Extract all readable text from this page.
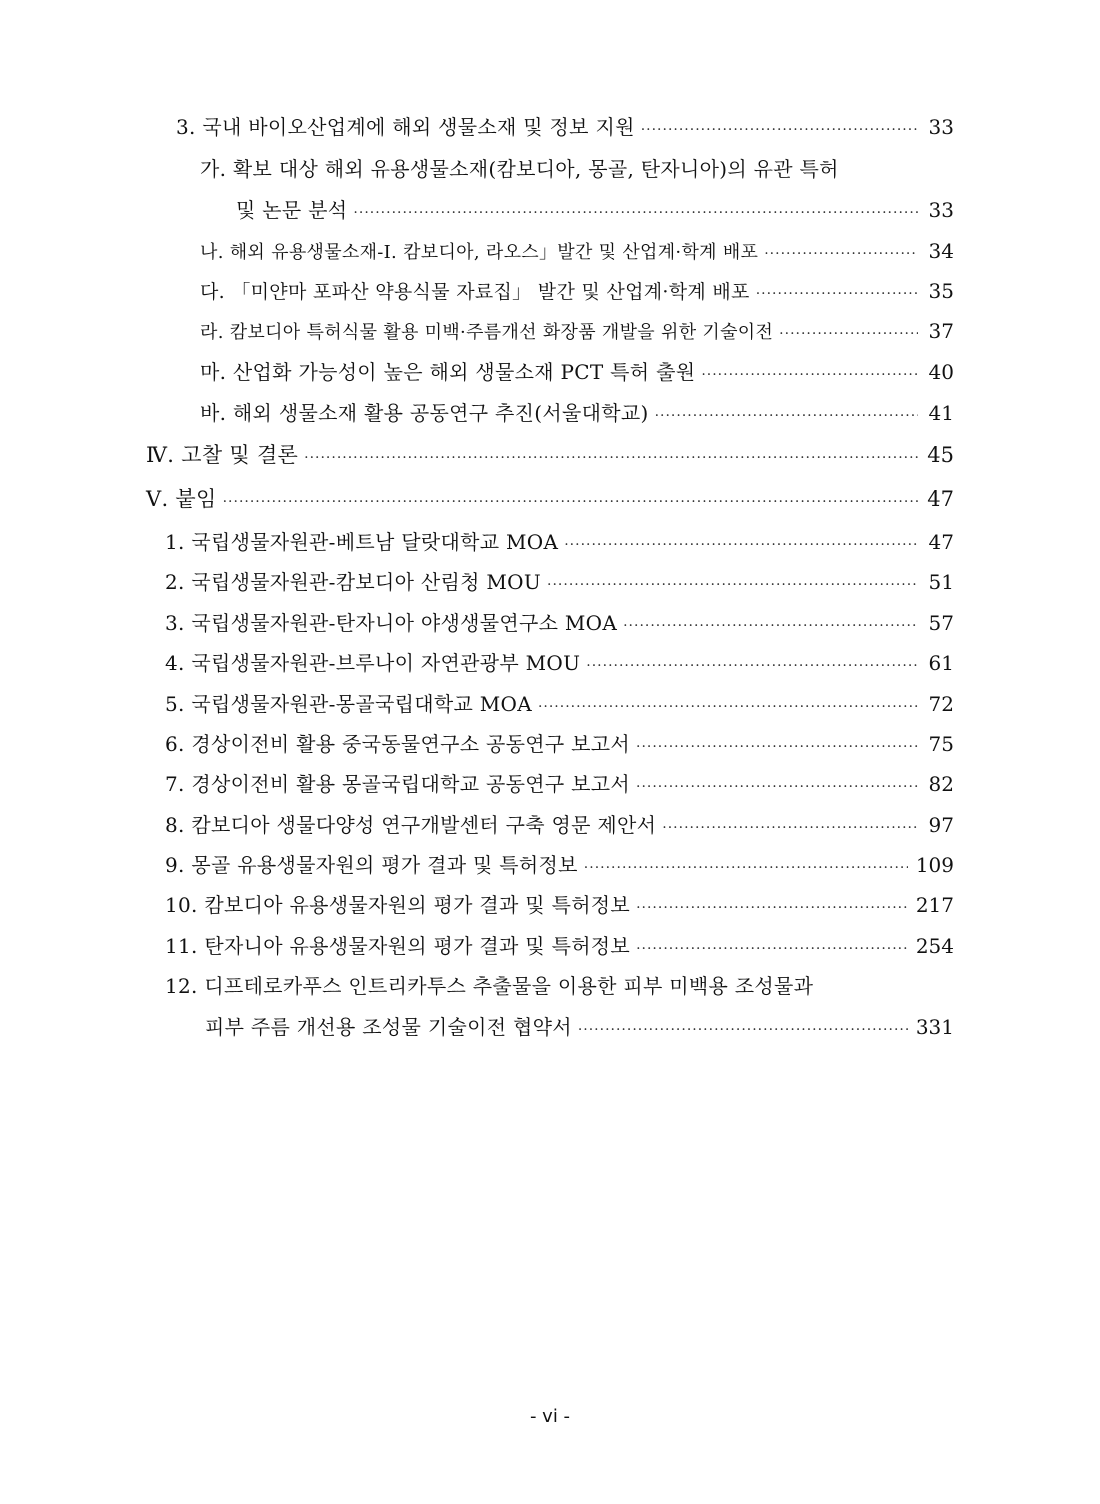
3. 국내 바이오산업계에 해외 생물소재 및 정보 지원 ·····	33
가. 확보 대상 해외 유용생물소재(캄보디아, 몽골, 탄자니아)의 유관 특허
및 논문 분석 ·····	33
나. 해외 유용생물소재-I. 캄보디아, 라오스」발간 및 산업계·학계 배포 ·····	34
다. 「미얀마 포파산 약용식물 자료집」 발간 및 산업계·학계 배포 ·····	35
라. 캄보디아 특허식물 활용 미백·주름개선 화장품 개발을 위한 기술이전 ·····	37
마. 산업화 가능성이 높은 해외 생물소재 PCT 특허 출원 ·····	40
바. 해외 생물소재 활용 공동연구 추진(서울대학교) ·····	41
Ⅳ. 고찰 및 결론 ·····	45
Ⅴ. 붙임 ·····	47
1. 국립생물자원관-베트남 달랏대학교 MOA ·····	47
2. 국립생물자원관-캄보디아 산림청 MOU ·····	51
3. 국립생물자원관-탄자니아 야생생물연구소 MOA ·····	57
4. 국립생물자원관-브루나이 자연관광부 MOU ·····	61
5. 국립생물자원관-몽골국립대학교 MOA ·····	72
6. 경상이전비 활용 중국동물연구소 공동연구 보고서 ·····	75
7. 경상이전비 활용 몽골국립대학교 공동연구 보고서 ·····	82
8. 캄보디아 생물다양성 연구개발센터 구축 영문 제안서 ·····	97
9. 몽골 유용생물자원의 평가 결과 및 특허정보 ·····	109
10. 캄보디아 유용생물자원의 평가 결과 및 특허정보 ·····	217
11. 탄자니아 유용생물자원의 평가 결과 및 특허정보 ·····	254
12. 디프테로카푸스 인트리카투스 추출물을 이용한 피부 미백용 조성물과
피부 주름 개선용 조성물 기술이전 협약서 ·····	331
- vi -
